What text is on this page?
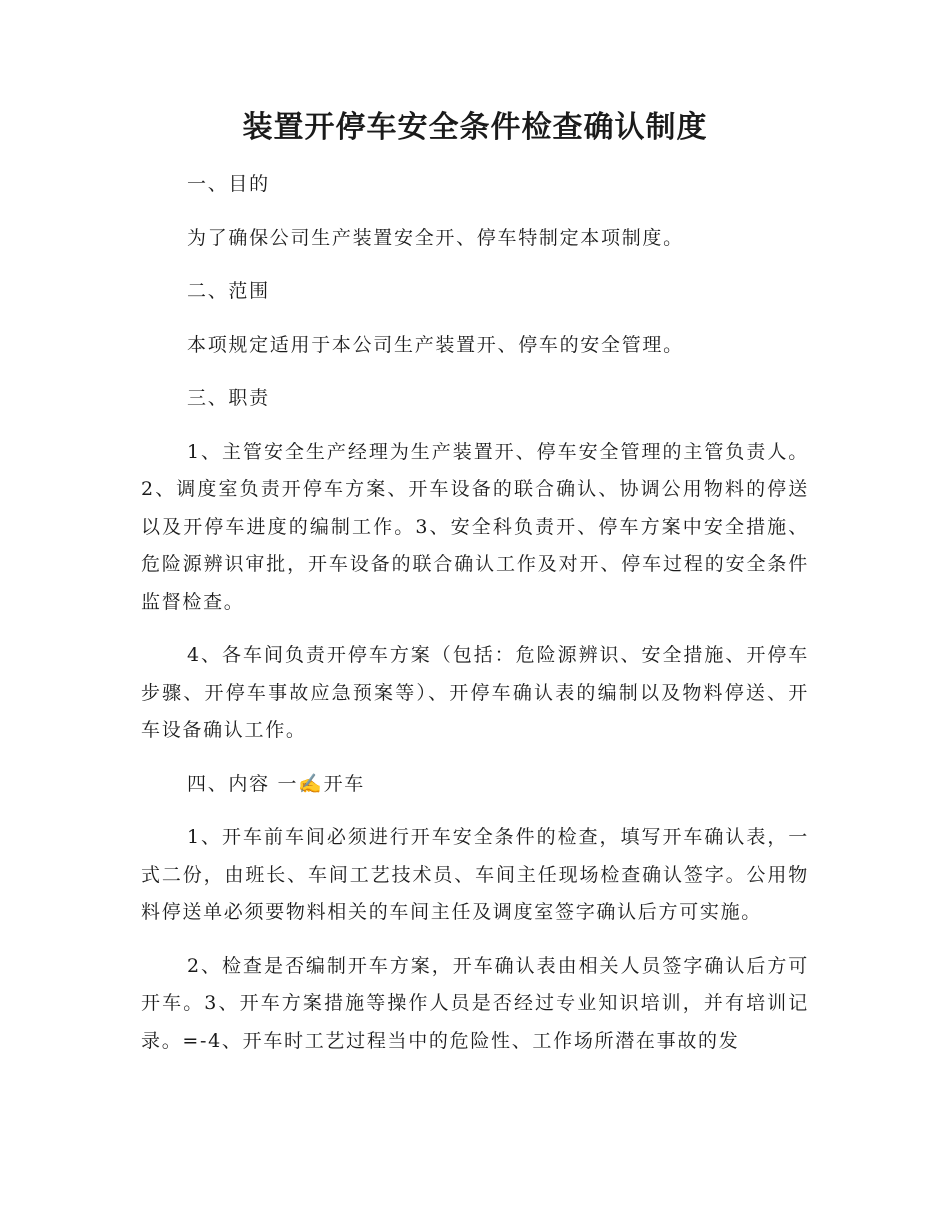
装置开停车安全条件检查确认制度

一、目的

为了确保公司生产装置安全开、停车特制定本项制度。

二、范围

本项规定适用于本公司生产装置开、停车的安全管理。

三、职责

1、主管安全生产经理为生产装置开、停车安全管理的主管负责人。2、调度室负责开停车方案、开车设备的联合确认、协调公用物料的停送以及开停车进度的编制工作。3、安全科负责开、停车方案中安全措施、危险源辨识审批，开车设备的联合确认工作及对开、停车过程的安全条件监督检查。

4、各车间负责开停车方案（包括：危险源辨识、安全措施、开停车步骤、开停车事故应急预案等）、开停车确认表的编制以及物料停送、开车设备确认工作。

四、内容 一✍开车

1、开车前车间必须进行开车安全条件的检查，填写开车确认表，一式二份，由班长、车间工艺技术员、车间主任现场检查确认签字。公用物料停送单必须要物料相关的车间主任及调度室签字确认后方可实施。

2、检查是否编制开车方案，开车确认表由相关人员签字确认后方可开车。3、开车方案措施等操作人员是否经过专业知识培训，并有培训记录。=-4、开车时工艺过程当中的危险性、工作场所潜在事故的发
